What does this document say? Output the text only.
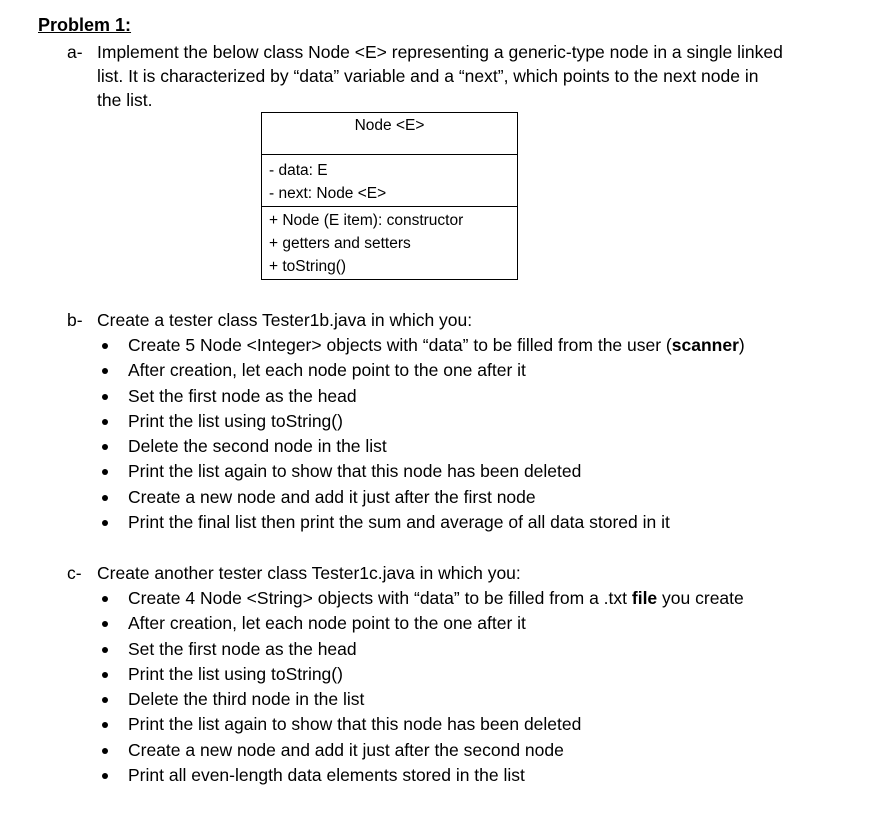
Problem 1:
a- Implement the below class Node <E> representing a generic-type node in a single linked
list. It is characterized by “data” variable and a “next”, which points to the next node in
the list.
Node <E>
- data: E
- next: Node <E>
+ Node (E item): constructor
+ getters and setters
+ toString()
b- Create a tester class Tester1b.java in which you:
Create 5 Node <Integer> objects with “data” to be filled from the user (scanner)
After creation, let each node point to the one after it
Set the first node as the head
Print the list using toString()
Delete the second node in the list
Print the list again to show that this node has been deleted
Create a new node and add it just after the first node
Print the final list then print the sum and average of all data stored in it
c- Create another tester class Tester1c.java in which you:
Create 4 Node <String> objects with “data” to be filled from a .txt file you create
After creation, let each node point to the one after it
Set the first node as the head
Print the list using toString()
Delete the third node in the list
Print the list again to show that this node has been deleted
Create a new node and add it just after the second node
Print all even-length data elements stored in the list
